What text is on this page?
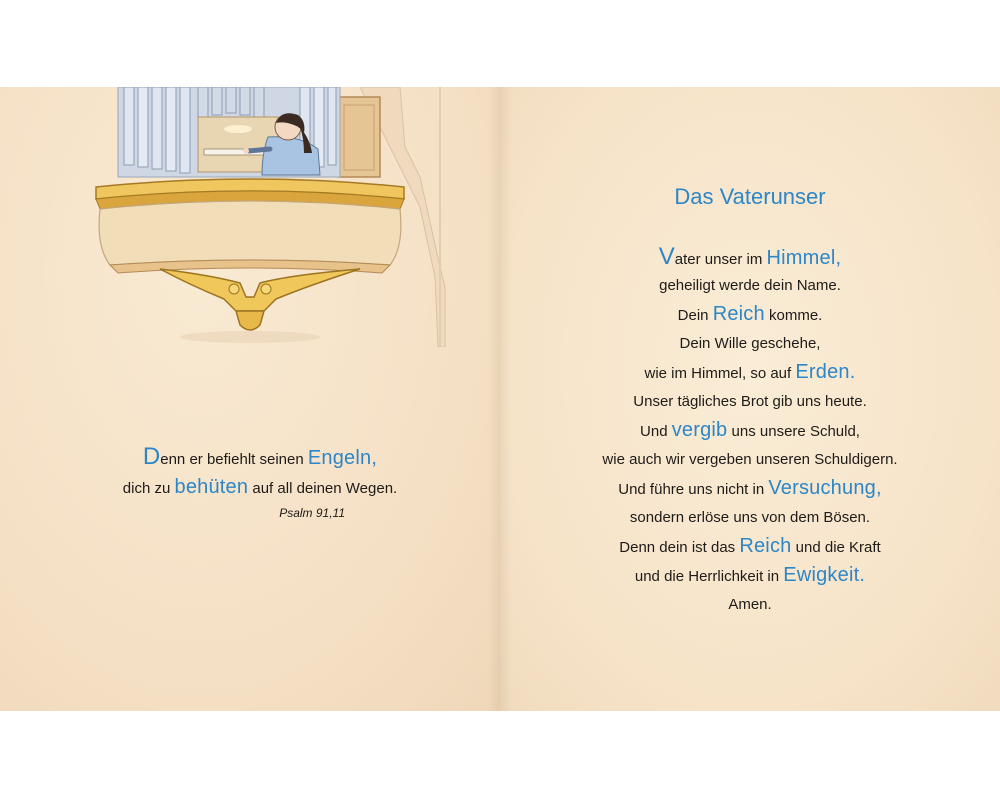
Denn er befiehlt seinen Engeln,
dich zu behüten auf all deinen Wegen.
Psalm 91,11
Das Vaterunser
Vater unser im Himmel,
geheiligt werde dein Name.
Dein Reich komme.
Dein Wille geschehe,
wie im Himmel, so auf Erden.
Unser tägliches Brot gib uns heute.
Und vergib uns unsere Schuld,
wie auch wir vergeben unseren Schuldigern.
Und führe uns nicht in Versuchung,
sondern erlöse uns von dem Bösen.
Denn dein ist das Reich und die Kraft
und die Herrlichkeit in Ewigkeit.
Amen.
